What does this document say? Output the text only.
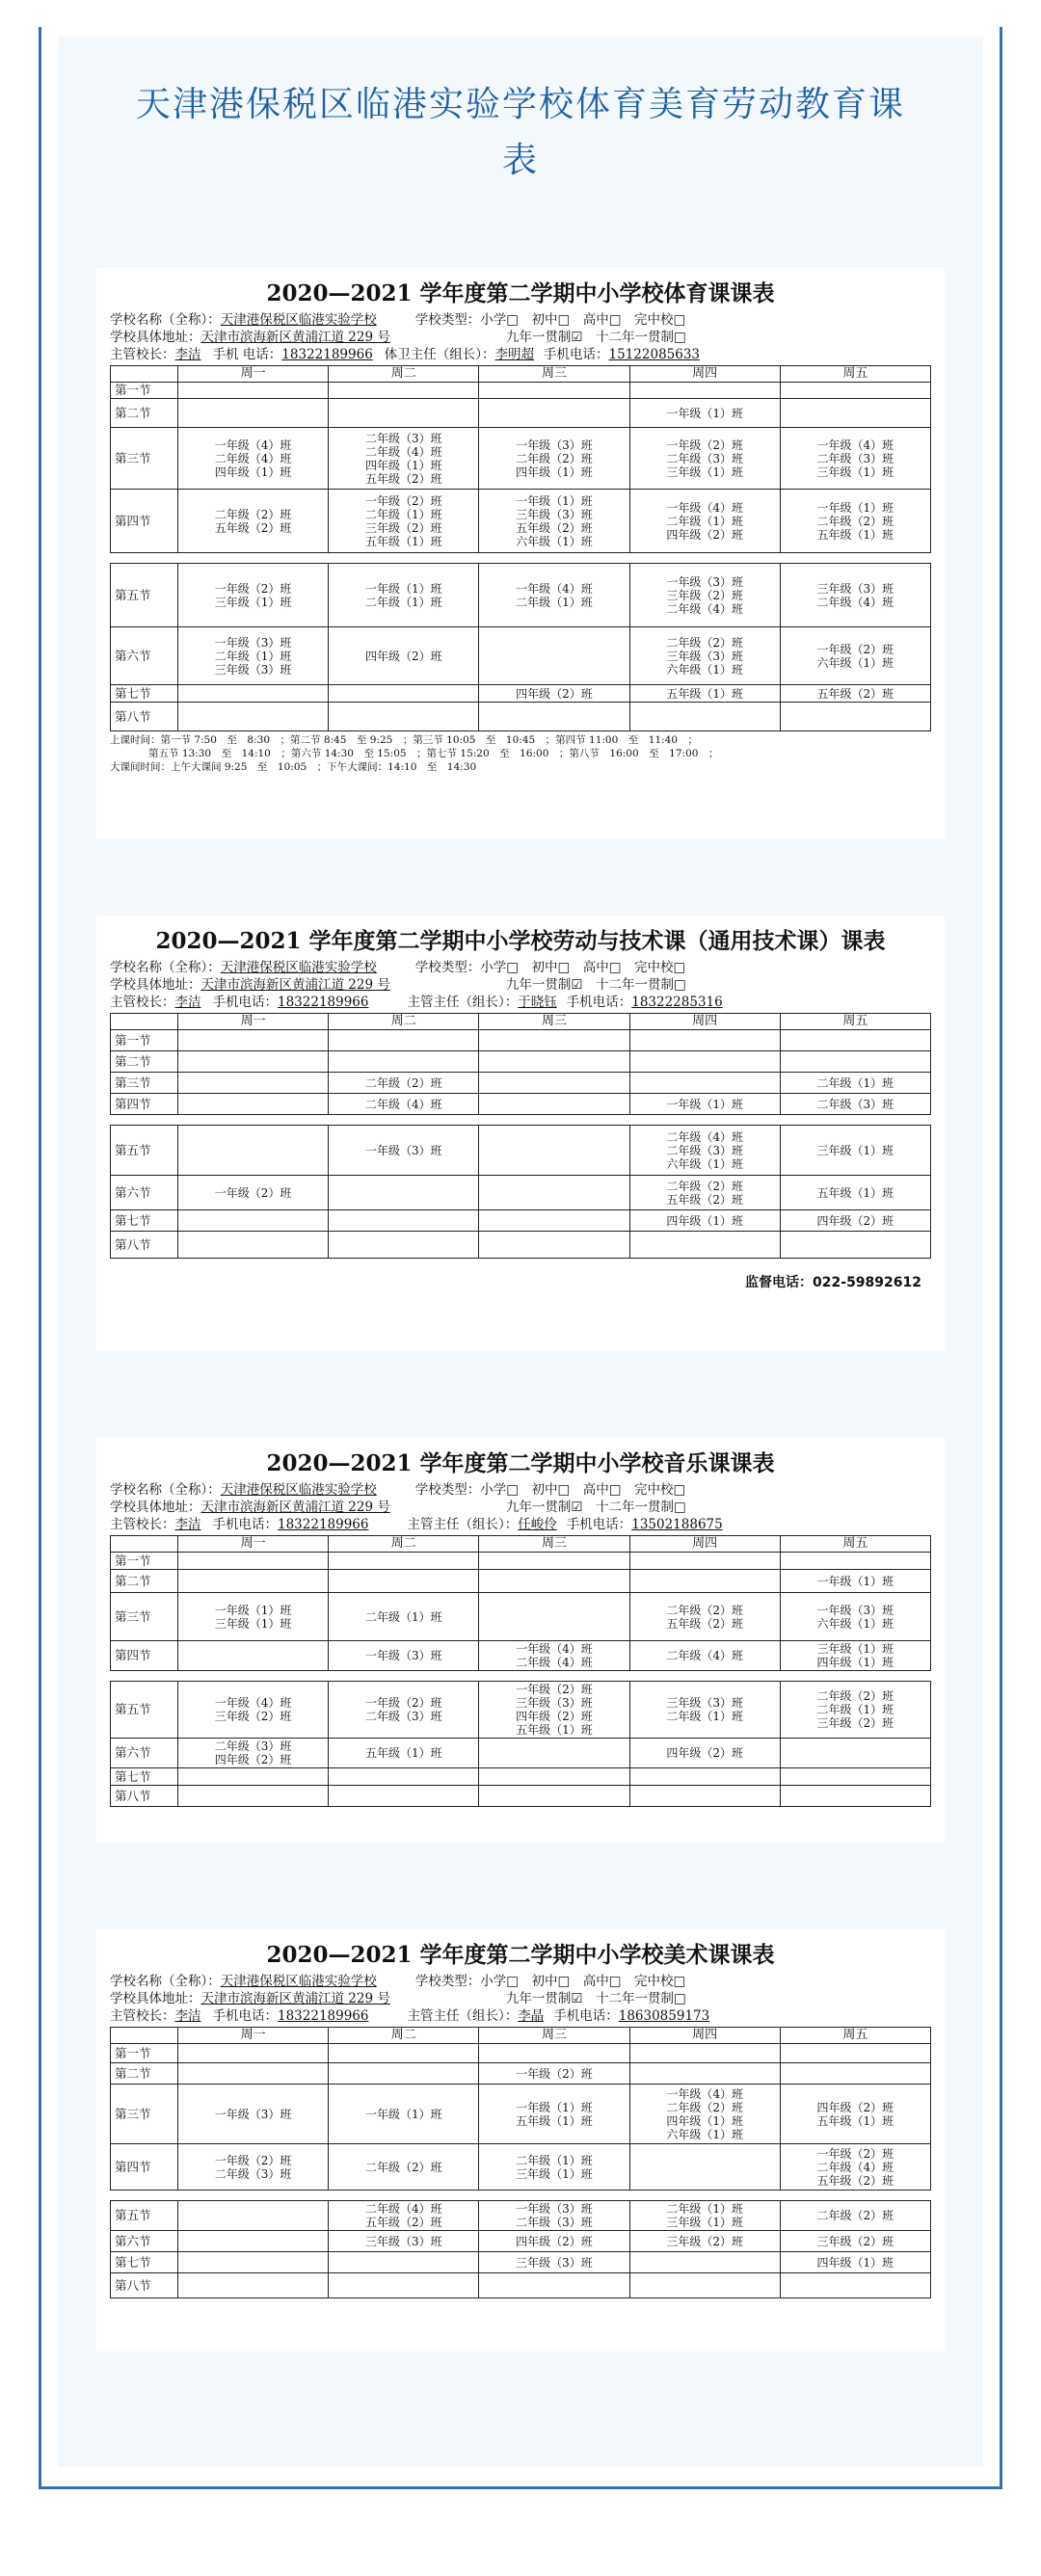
天津港保税区临港实验学校体育美育劳动教育课
表
2020—2021 学年度第二学期中小学校体育课课表
学校名称（全称）： 天津港保税区临港实验学校	学校类型：小学□　初中□　高中□　完中校□
学校具体地址： 天津市滨海新区黄浦江道 229 号	九年一贯制☑　十二年一贯制□
主管校长： 李洁 手机 电话： 18322189966 体卫主任（组长）： 李明超 手机电话： 15122085633
	周一	周二	周三	周四	周五
第一节					
第二节				一年级（1）班	

第三节	一年级（4）班
二年级（4）班
四年级（1）班	二年级（3）班
二年级（4）班
四年级（1）班
五年级（2）班	一年级（3）班
二年级（2）班
四年级（1）班	一年级（2）班
二年级（3）班
三年级（1）班	一年级（4）班
二年级（3）班
三年级（1）班

第四节	二年级（2）班
五年级（2）班	一年级（2）班
二年级（1）班
三年级（2）班
五年级（1）班	一年级（1）班
三年级（3）班
五年级（2）班
六年级（1）班	一年级（4）班
二年级（1）班
四年级（2）班	一年级（1）班
二年级（2）班
五年级（1）班

第五节	一年级（2）班
三年级（1）班	一年级（1）班
二年级（1）班	一年级（4）班
二年级（1）班	一年级（3）班
三年级（2）班
二年级（4）班	三年级（3）班
二年级（4）班

第六节	一年级（3）班
二年级（1）班
三年级（3）班	四年级（2）班		二年级（2）班
三年级（3）班
六年级（1）班	一年级（2）班
六年级（1）班

第七节			四年级（2）班	五年级（1）班	五年级（2）班

第八节					
上课时间：第一节 7:50　至　8:30　；第二节 8:45　至 9:25　；第三节 10:05　至　10:45　；第四节 11:00　至　11:40　；
第五节 13:30　至　14:10　；第六节 14:30　至 15:05　；第七节 15:20　至　16:00　；第八节　16:00　至　17:00　；
大课间时间：上午大课间 9:25　至　10:05　；下午大课间：14:10　至　14:30
2020—2021 学年度第二学期中小学校劳动与技术课（通用技术课）课表
学校名称（全称）： 天津港保税区临港实验学校	学校类型：小学□　初中□　高中□　完中校□
学校具体地址： 天津市滨海新区黄浦江道 229 号	九年一贯制☑　十二年一贯制□
主管校长： 李洁 手机电话： 18322189966	主管主任（组长）： 于晓钰 手机电话： 18322285316
	周一	周二	周三	周四	周五
第一节					
第二节					
第三节		二年级（2）班			二年级（1）班

第四节		二年级（4）班		一年级（1）班	二年级（3）班

第五节		一年级（3）班		二年级（4）班
二年级（3）班
六年级（1）班	三年级（1）班

第六节	一年级（2）班			二年级（2）班
五年级（2）班	五年级（1）班

第七节				四年级（1）班	四年级（2）班

第八节					
监督电话：022-59892612
2020—2021 学年度第二学期中小学校音乐课课表
学校名称（全称）： 天津港保税区临港实验学校	学校类型：小学□　初中□　高中□　完中校□
学校具体地址： 天津市滨海新区黄浦江道 229 号	九年一贯制☑　十二年一贯制□
主管校长： 李洁 手机电话： 18322189966	主管主任（组长）： 任峻伶 手机电话： 13502188675
	周一	周二	周三	周四	周五
第一节					
第二节					一年级（1）班

第三节	一年级（1）班
三年级（1）班	二年级（1）班		二年级（2）班
五年级（2）班	一年级（3）班
六年级（1）班

第四节		一年级（3）班	一年级（4）班
二年级（4）班	二年级（4）班	三年级（1）班
四年级（1）班

第五节	一年级（4）班
三年级（2）班	一年级（2）班
二年级（3）班	一年级（2）班
三年级（3）班
四年级（2）班
五年级（1）班	三年级（3）班
二年级（1）班	二年级（2）班
二年级（1）班
三年级（2）班

第六节	二年级（3）班
四年级（2）班	五年级（1）班		四年级（2）班	

第七节					
第八节					
2020—2021 学年度第二学期中小学校美术课课表
学校名称（全称）： 天津港保税区临港实验学校	学校类型：小学□　初中□　高中□　完中校□
学校具体地址： 天津市滨海新区黄浦江道 229 号	九年一贯制☑　十二年一贯制□
主管校长： 李洁 手机电话： 18322189966	主管主任（组长）： 李晶 手机电话： 18630859173
	周一	周二	周三	周四	周五
第一节					
第二节			一年级（2）班		

第三节	一年级（3）班	一年级（1）班	一年级（1）班
五年级（1）班	一年级（4）班
二年级（2）班
四年级（1）班
六年级（1）班	四年级（2）班
五年级（1）班

第四节	一年级（2）班
二年级（3）班	二年级（2）班	二年级（1）班
三年级（1）班		一年级（2）班
二年级（4）班
五年级（2）班

第五节		二年级（4）班
五年级（2）班	一年级（3）班
二年级（3）班	二年级（1）班
三年级（1）班	二年级（2）班

第六节		三年级（3）班	四年级（2）班	三年级（2）班	三年级（2）班

第七节			三年级（3）班		四年级（1）班

第八节					
